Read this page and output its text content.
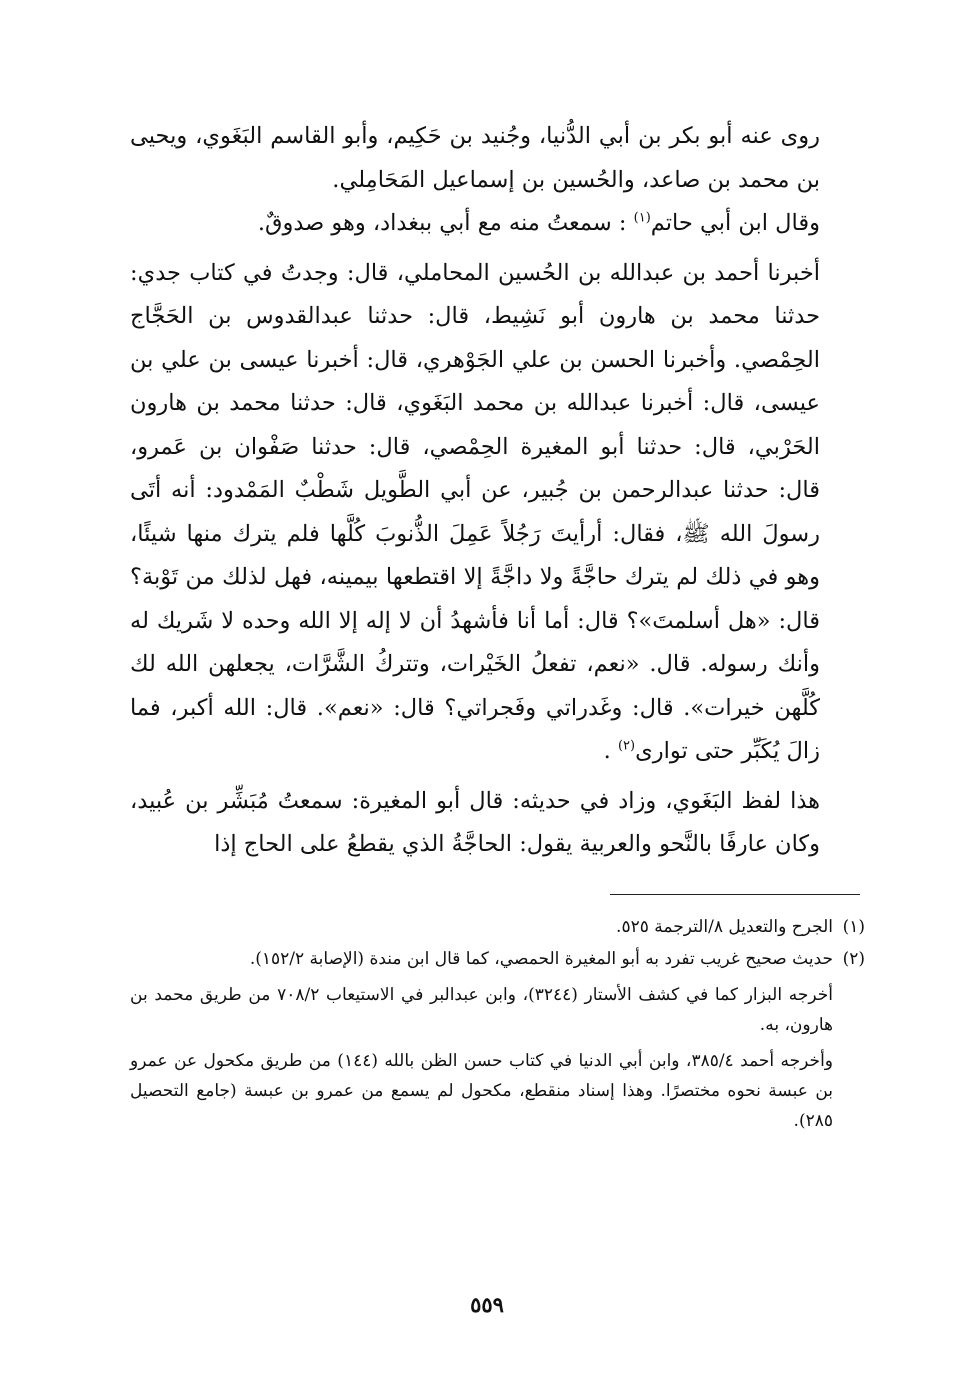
روى عنه أبو بكر بن أبي الدُّنيا، وجُنيد بن حَكِيم، وأبو القاسم البَغَوي، ويحيى بن محمد بن صاعد، والحُسين بن إسماعيل المَحَامِلي.

وقال ابن أبي حاتم$^{(١)}$ : سمعتُ منه مع أبي ببغداد، وهو صدوقٌ.

أخبرنا أحمد بن عبدالله بن الحُسين المحاملي، قال: وجدتُ في كتاب جدي: حدثنا محمد بن هارون أبو نَشِيط، قال: حدثنا عبدالقدوس بن الحَجَّاج الحِمْصي. وأخبرنا الحسن بن علي الجَوْهري، قال: أخبرنا عيسى بن علي بن عيسى، قال: أخبرنا عبدالله بن محمد البَغَوي، قال: حدثنا محمد بن هارون الحَرْبي، قال: حدثنا أبو المغيرة الحِمْصي، قال: حدثنا صَفْوان بن عَمرو، قال: حدثنا عبدالرحمن بن جُبير، عن أبي الطَّويل شَطْبٌ المَمْدود: أنه أتَى رسولَ الله ﷺ، فقال: أرأيتَ رَجُلاً عَمِلَ الذُّنوبَ كُلَّها فلم يترك منها شيئًا، وهو في ذلك لم يترك حاجَّةً ولا داجَّةً إلا اقتطعها بيمينه، فهل لذلك من تَوْبة؟ قال: «هل أسلمتَ»؟ قال: أما أنا فأشهدُ أن لا إله إلا الله وحده لا شَريك له وأنك رسوله. قال. «نعم، تفعلُ الخَيْرات، وتتركُ الشَّرَّات، يجعلهن الله لك كُلَّهن خيرات». قال: وغَدراتي وفَجراتي؟ قال: «نعم». قال: الله أكبر، فما زالَ يُكَبِّر حتى توارى$^{(٢)}$ .

هذا لفظ البَغَوي، وزاد في حديثه: قال أبو المغيرة: سمعتُ مُبَشِّر بن عُبيد، وكان عارفًا بالنَّحو والعربية يقول: الحاجَّةُ الذي يقطعُ على الحاج إذا

(١)
الجرح والتعديل ٨/الترجمة ٥٢٥.
(٢)
حديث صحيح غريب تفرد به أبو المغيرة الحمصي، كما قال ابن مندة (الإصابة ١٥٢/٢).
أخرجه البزار كما في كشف الأستار (٣٢٤٤)، وابن عبدالبر في الاستيعاب ٧٠٨/٢ من طريق محمد بن هارون، به.
وأخرجه أحمد ٣٨٥/٤، وابن أبي الدنيا في كتاب حسن الظن بالله (١٤٤) من طريق مكحول عن عمرو بن عبسة نحوه مختصرًا. وهذا إسناد منقطع، مكحول لم يسمع من عمرو بن عبسة (جامع التحصيل ٢٨٥).
٥٥٩
